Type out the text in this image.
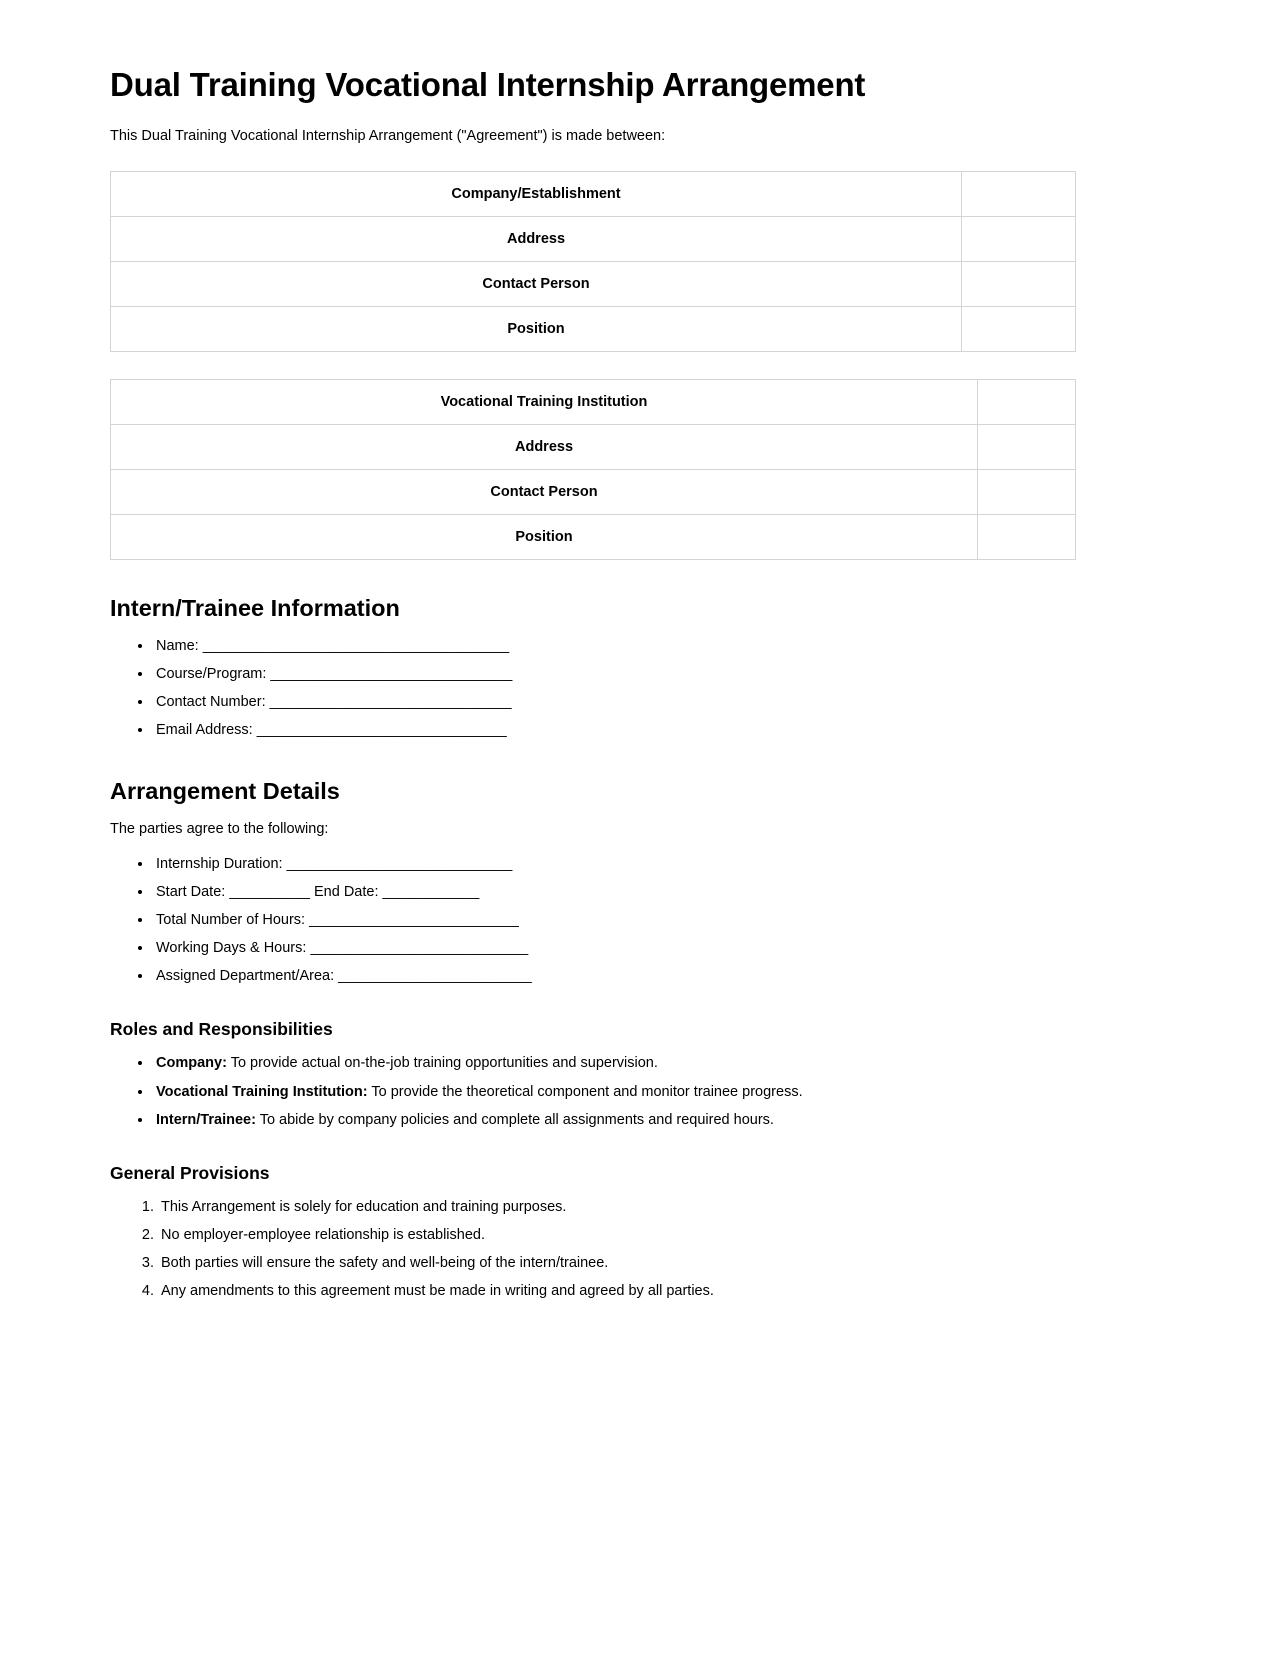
Dual Training Vocational Internship Arrangement

This Dual Training Vocational Internship Arrangement ("Agreement") is made between:

Company/Establishment	
Address	
Contact Person	
Position	
Vocational Training Institution	
Address	
Contact Person	
Position	
Intern/Trainee Information
• Name: ______________________________________
• Course/Program: ______________________________
• Contact Number: ______________________________
• Email Address: _______________________________
Arrangement Details

The parties agree to the following:

• Internship Duration: ____________________________
• Start Date: __________ End Date: ____________
• Total Number of Hours: __________________________
• Working Days & Hours: ___________________________
• Assigned Department/Area: ________________________
Roles and Responsibilities
• Company: To provide actual on-the-job training opportunities and supervision.
• Vocational Training Institution: To provide the theoretical component and monitor trainee progress.
• Intern/Trainee: To abide by company policies and complete all assignments and required hours.
General Provisions
1. This Arrangement is solely for education and training purposes.
2. No employer-employee relationship is established.
3. Both parties will ensure the safety and well-being of the intern/trainee.
4. Any amendments to this agreement must be made in writing and agreed by all parties.
